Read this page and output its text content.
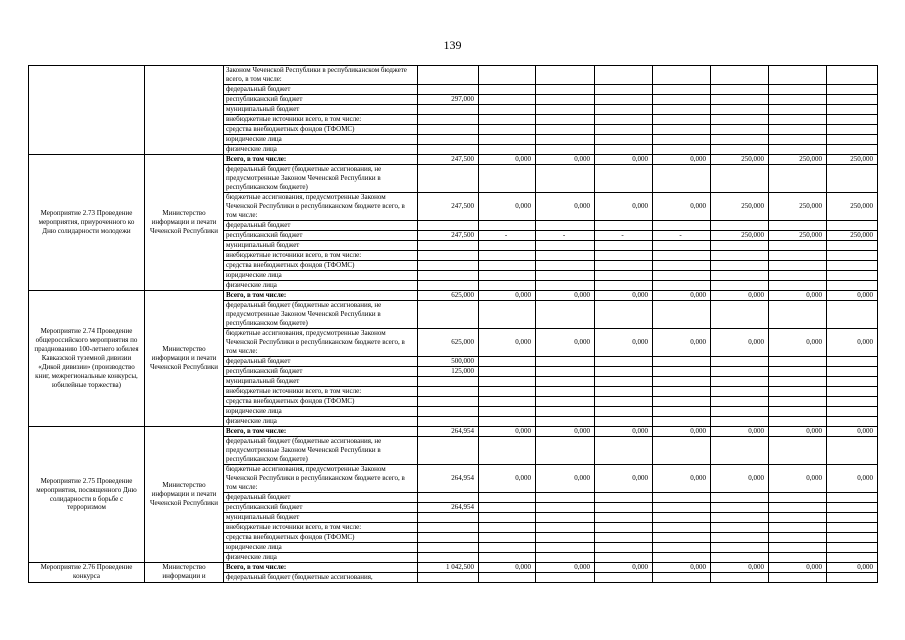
139
		Законом Чеченской Республики в республиканском бюджете всего, в том числе:								
		федеральный бюджет								
		республиканский бюджет	297,000							
		муниципальный бюджет								
		внебюджетные источники всего, в том числе:								
		средства внебюджетных фондов (ТФОМС)								
		юридические лица								
		физические лица								
Мероприятие 2.73 Проведение мероприятия, приуроченного ко Дню солидарности молодежи	Министерство информации и печати Чеченской Республики	Всего, в том числе:	247,500	0,000	0,000	0,000	0,000	250,000	250,000	250,000
		федеральный бюджет (бюджетные ассигнования, не предусмотренные Законом Чеченской Республики в республиканском бюджете)								
		бюджетные ассигнования, предусмотренные Законом Чеченской Республики в республиканском бюджете всего, в том числе:	247,500	0,000	0,000	0,000	0,000	250,000	250,000	250,000
		федеральный бюджет								
		республиканский бюджет	247,500	-	-	-	-	250,000	250,000	250,000
		муниципальный бюджет								
		внебюджетные источники всего, в том числе:								
		средства внебюджетных фондов (ТФОМС)								
		юридические лица								
		физические лица								
Мероприятие 2.74 Проведение общероссийского мероприятия по празднованию 100-летнего юбилея Кавказской туземной дивизии «Дикой дивизии» (производство книг, межрегиональные конкурсы, юбилейные торжества)	Министерство информации и печати Чеченской Республики	Всего, в том числе:	625,000	0,000	0,000	0,000	0,000	0,000	0,000	0,000
		федеральный бюджет (бюджетные ассигнования, не предусмотренные Законом Чеченской Республики в республиканском бюджете)								
		бюджетные ассигнования, предусмотренные Законом Чеченской Республики в республиканском бюджете всего, в том числе:	625,000	0,000	0,000	0,000	0,000	0,000	0,000	0,000
		федеральный бюджет	500,000							
		республиканский бюджет	125,000							
		муниципальный бюджет								
		внебюджетные источники всего, в том числе:								
		средства внебюджетных фондов (ТФОМС)								
		юридические лица								
		физические лица								
Мероприятие 2.75 Проведение мероприятия, посвященного Дню солидарности в борьбе с терроризмом	Министерство информации и печати Чеченской Республики	Всего, в том числе:	264,954	0,000	0,000	0,000	0,000	0,000	0,000	0,000
		федеральный бюджет (бюджетные ассигнования, не предусмотренные Законом Чеченской Республики в республиканском бюджете)								
		бюджетные ассигнования, предусмотренные Законом Чеченской Республики в республиканском бюджете всего, в том числе:	264,954	0,000	0,000	0,000	0,000	0,000	0,000	0,000
		федеральный бюджет								
		республиканский бюджет	264,954							
		муниципальный бюджет								
		внебюджетные источники всего, в том числе:								
		средства внебюджетных фондов (ТФОМС)								
		юридические лица								
		физические лица								
Мероприятие 2.76 Проведение конкурса	Министерство информации и	Всего, в том числе:	1 042,500	0,000	0,000	0,000	0,000	0,000	0,000	0,000
		федеральный бюджет (бюджетные ассигнования,								
